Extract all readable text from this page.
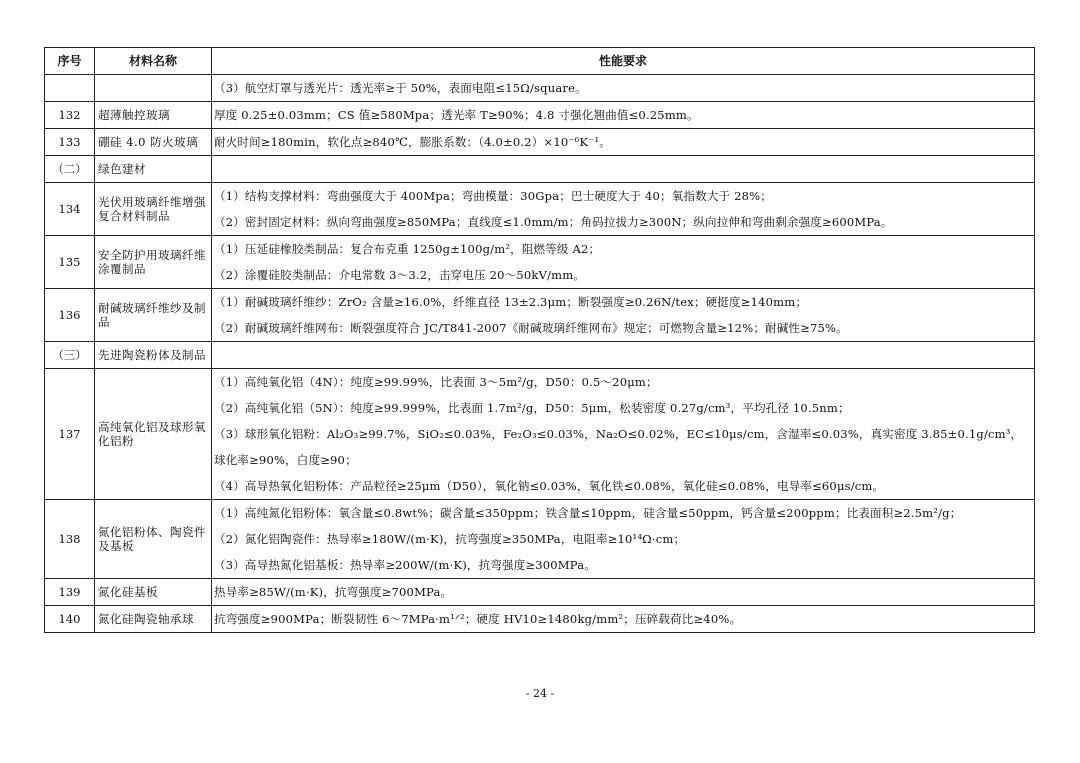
序号	材料名称	性能要求

		（3）航空灯罩与透光片：透光率≥于 50%，表面电阻≤15Ω/square。

132	超薄触控玻璃	厚度 0.25±0.03mm；CS 值≥580Mpa；透光率 T≥90%；4.8 寸强化翘曲值≤0.25mm。

133	硼硅 4.0 防火玻璃	耐火时间≥180min，软化点≥840℃，膨胀系数：（4.0±0.2）×10⁻⁶K⁻¹。

（二）	绿色建材	
134	光伏用玻璃纤维增强复合材料制品	（1）结构支撑材料：弯曲强度大于 400Mpa；弯曲模量：30Gpa；巴士硬度大于 40；氧指数大于 28%；
（2）密封固定材料：纵向弯曲强度≥850MPa；直线度≤1.0mm/m；角码拉拔力≥300N；纵向拉伸和弯曲剩余强度≥600MPa。

135	安全防护用玻璃纤维涂覆制品	（1）压延硅橡胶类制品：复合布克重 1250g±100g/m²，阻燃等级 A2；
（2）涂覆硅胶类制品：介电常数 3～3.2，击穿电压 20～50kV/mm。

136	耐碱玻璃纤维纱及制品	（1）耐碱玻璃纤维纱：ZrO₂ 含量≥16.0%，纤维直径 13±2.3μm；断裂强度≥0.26N/tex；硬挺度≥140mm；
（2）耐碱玻璃纤维网布：断裂强度符合 JC/T841-2007《耐碱玻璃纤维网布》规定；可燃物含量≥12%；耐碱性≥75%。

（三）	先进陶瓷粉体及制品	
137	高纯氧化铝及球形氧化铝粉	（1）高纯氧化铝（4N）：纯度≥99.99%，比表面 3～5m²/g，D50：0.5～20μm；
（2）高纯氧化铝（5N）：纯度≥99.999%，比表面 1.7m²/g，D50：5μm，松装密度 0.27g/cm³，平均孔径 10.5nm；
（3）球形氧化铝粉：Al₂O₃≥99.7%，SiO₂≤0.03%，Fe₂O₃≤0.03%，Na₂O≤0.02%，EC≤10μs/cm，含湿率≤0.03%，真实密度 3.85±0.1g/cm³，
球化率≥90%，白度≥90；
（4）高导热氧化铝粉体：产品粒径≥25μm（D50），氧化钠≤0.03%，氧化铁≤0.08%，氧化硅≤0.08%，电导率≤60μs/cm。

138	氮化铝粉体、陶瓷件及基板	（1）高纯氮化铝粉体：氧含量≤0.8wt%；碳含量≤350ppm；铁含量≤10ppm，硅含量≤50ppm，钙含量≤200ppm；比表面积≥2.5m²/g；
（2）氮化铝陶瓷件：热导率≥180W/(m·K)，抗弯强度≥350MPa，电阻率≥10¹⁴Ω·cm；
（3）高导热氮化铝基板：热导率≥200W/(m·K)，抗弯强度≥300MPa。

139	氮化硅基板	热导率≥85W/(m·K)，抗弯强度≥700MPa。

140	氮化硅陶瓷轴承球	抗弯强度≥900MPa；断裂韧性 6～7MPa·m¹ᐟ²；硬度 HV10≥1480kg/mm²；压碎载荷比≥40%。
- 24 -
